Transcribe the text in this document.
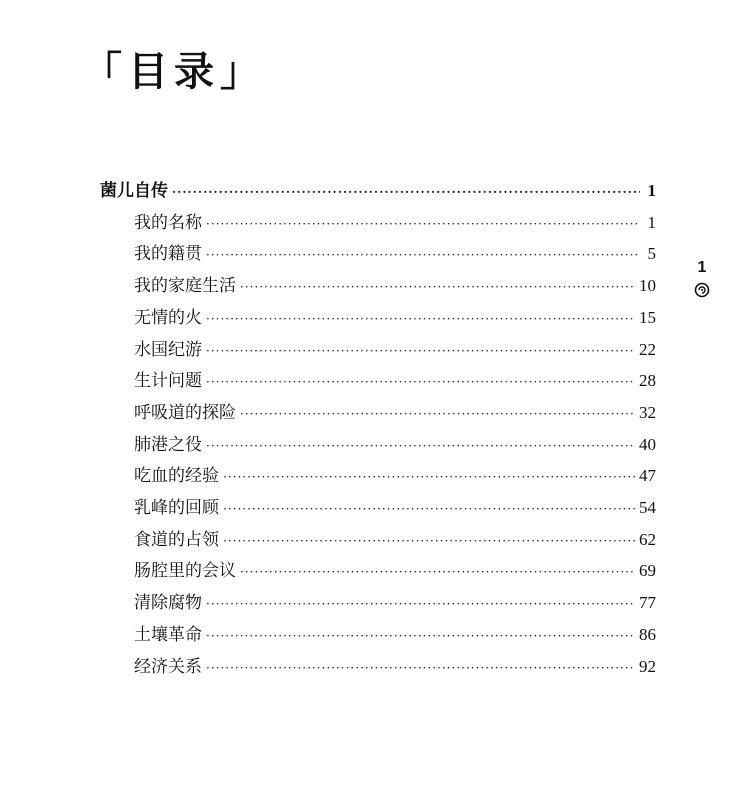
「目录」
菌儿自传 ·····	1
我的名称 ·····	1
我的籍贯 ·····	5
我的家庭生活 ·····	10
无情的火 ·····	15
水国纪游 ·····	22
生计问题 ·····	28
呼吸道的探险 ·····	32
肺港之役 ·····	40
吃血的经验 ·····	47
乳峰的回顾 ·····	54
食道的占领 ·····	62
肠腔里的会议 ·····	69
清除腐物 ·····	77
土壤革命 ·····	86
经济关系 ·····	92
1
